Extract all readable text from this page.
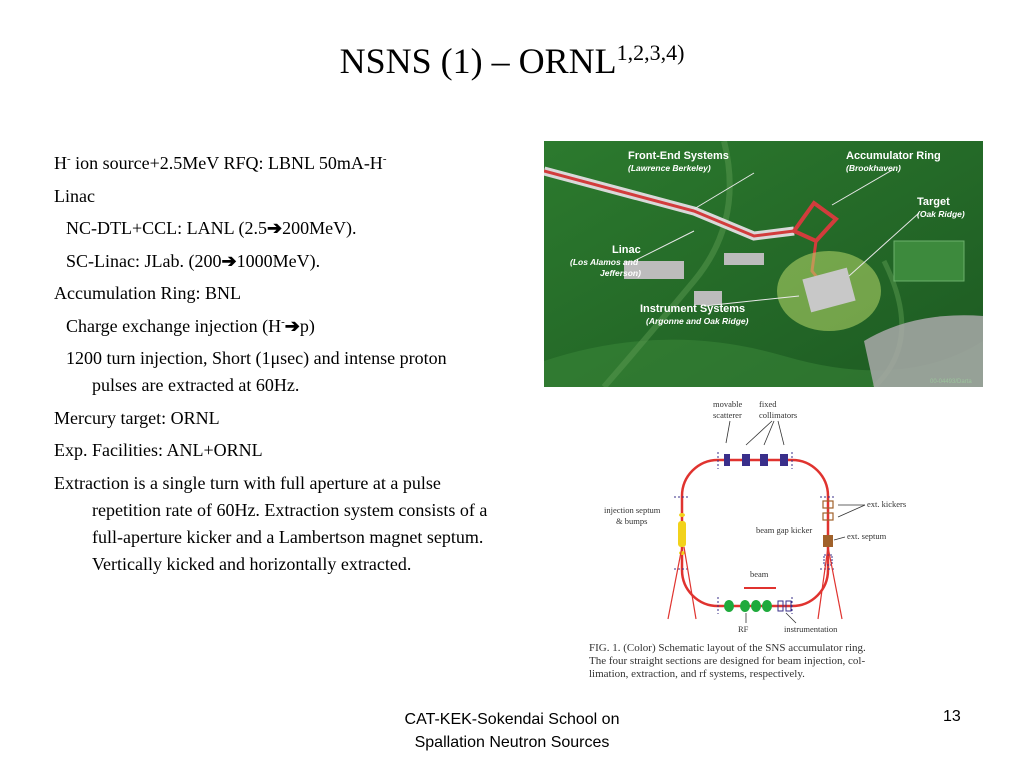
NSNS (1) – ORNL$^{1,2,3,4)}$
H- ion source+2.5MeV RFQ: LBNL 50mA-H-
Linac
NC-DTL+CCL: LANL (2.5➔200MeV).
SC-Linac: JLab. (200➔1000MeV).
Accumulation Ring: BNL
Charge exchange injection (H-➔p)
1200 turn injection, Short (1μsec) and intense proton pulses are extracted at 60Hz.
Mercury target: ORNL
Exp. Facilities: ANL+ORNL
Extraction is a single turn with full aperture at a pulse repetition rate of 60Hz. Extraction system consists of a full-aperture kicker and a Lambertson magnet septum. Vertically kicked and horizontally extracted.
Front-End Systems
(Lawrence Berkeley)
Accumulator Ring
(Brookhaven)
Target
(Oak Ridge)
Linac
(Los Alamos and
Jefferson)
Instrument Systems
(Argonne and Oak Ridge)
00-04493/Darta
movable
scatterer
fixed
collimators
injection septum
& bumps
ext. kickers
beam gap kicker
ext. septum
beam
RF	instrumentation
FIG. 1. (Color) Schematic layout of the SNS accumulator ring.
The four straight sections are designed for beam injection, col-
limation, extraction, and rf systems, respectively.
CAT-KEK-Sokendai School on
Spallation Neutron Sources
13
